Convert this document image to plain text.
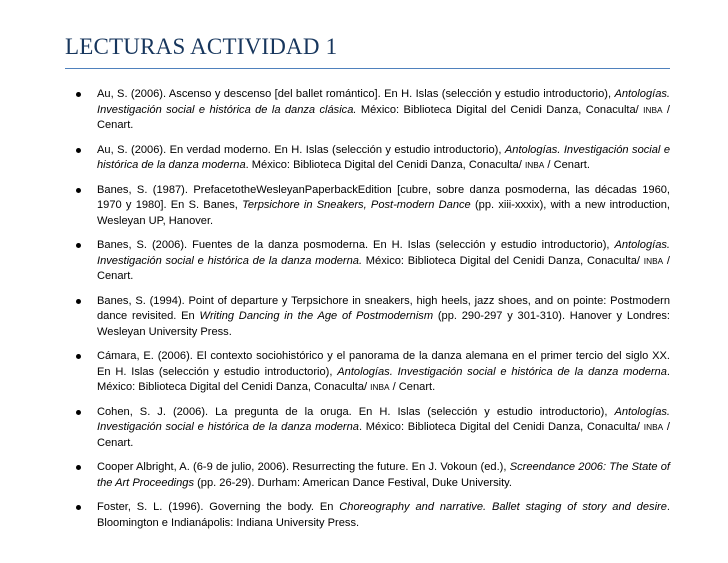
LECTURAS ACTIVIDAD 1
Au, S. (2006). Ascenso y descenso [del ballet romántico]. En H. Islas (selección y estudio introductorio), Antologías. Investigación social e histórica de la danza clásica. México: Biblioteca Digital del Cenidi Danza, Conaculta/ INBA / Cenart.
Au, S. (2006). En verdad moderno. En H. Islas (selección y estudio introductorio), Antologías. Investigación social e histórica de la danza moderna. México: Biblioteca Digital del Cenidi Danza, Conaculta/ INBA / Cenart.
Banes, S. (1987). PrefacetotheWesleyanPaperbackEdition [cubre, sobre danza posmoderna, las décadas 1960, 1970 y 1980]. En S. Banes, Terpsichore in Sneakers, Post-modern Dance (pp. xiii-xxxix), with a new introduction, Wesleyan UP, Hanover.
Banes, S. (2006). Fuentes de la danza posmoderna. En H. Islas (selección y estudio introductorio), Antologías. Investigación social e histórica de la danza moderna. México: Biblioteca Digital del Cenidi Danza, Conaculta/ INBA / Cenart.
Banes, S. (1994). Point of departure y Terpsichore in sneakers, high heels, jazz shoes, and on pointe: Postmodern dance revisited. En Writing Dancing in the Age of Postmodernism (pp. 290-297 y 301-310). Hanover y Londres: Wesleyan University Press.
Cámara, E. (2006). El contexto sociohistórico y el panorama de la danza alemana en el primer tercio del siglo XX. En H. Islas (selección y estudio introductorio), Antologías. Investigación social e histórica de la danza moderna. México: Biblioteca Digital del Cenidi Danza, Conaculta/ INBA / Cenart.
Cohen, S. J. (2006). La pregunta de la oruga. En H. Islas (selección y estudio introductorio), Antologías. Investigación social e histórica de la danza moderna. México: Biblioteca Digital del Cenidi Danza, Conaculta/ INBA / Cenart.
Cooper Albright, A. (6-9 de julio, 2006). Resurrecting the future. En J. Vokoun (ed.), Screendance 2006: The State of the Art Proceedings (pp. 26-29). Durham: American Dance Festival, Duke University.
Foster, S. L. (1996). Governing the body. En Choreography and narrative. Ballet staging of story and desire. Bloomington e Indianápolis: Indiana University Press.
